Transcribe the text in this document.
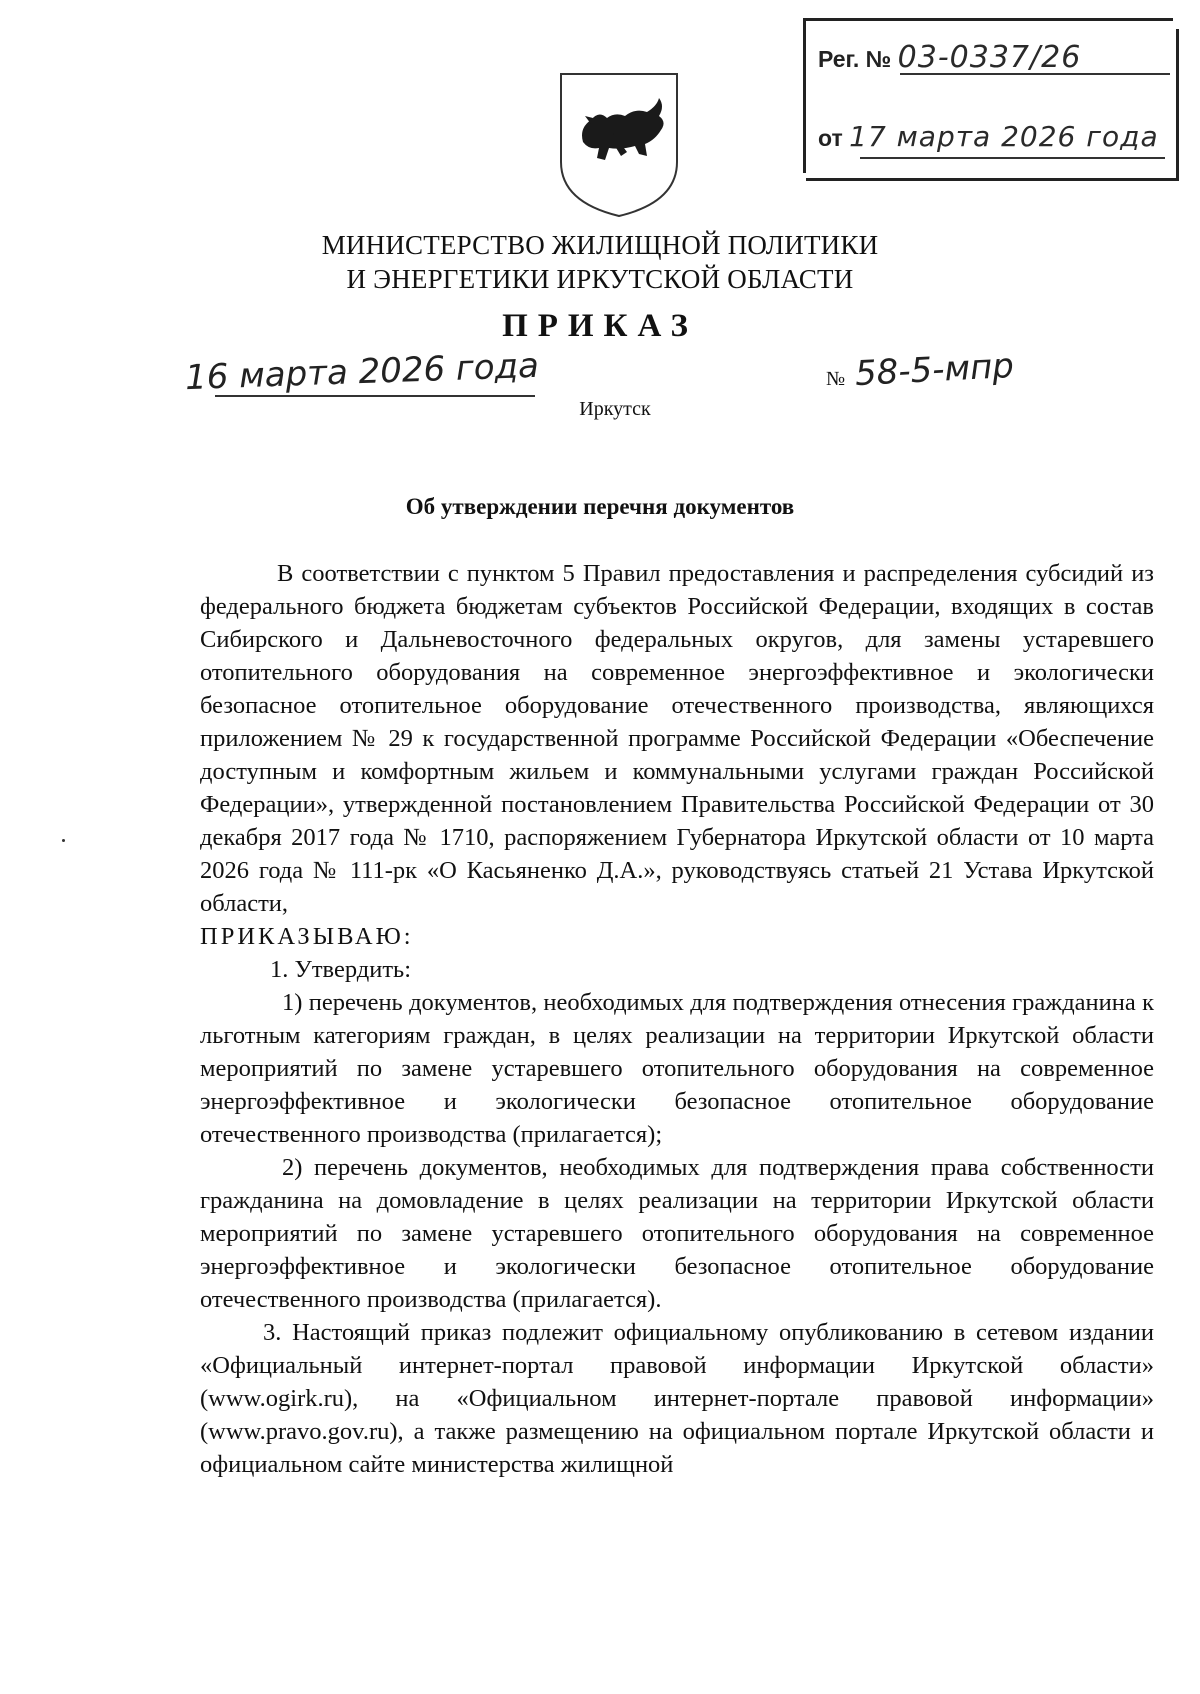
Рег. № 03-0337/26
от 17 марта 2026 года
МИНИСТЕРСТВО ЖИЛИЩНОЙ ПОЛИТИКИ
И ЭНЕРГЕТИКИ ИРКУТСКОЙ ОБЛАСТИ
ПРИКАЗ
16 марта 2026 года	№ 58-5-мпр
Иркутск
Об утверждении перечня документов

В соответствии с пунктом 5 Правил предоставления и распределения субсидий из федерального бюджета бюджетам субъектов Российской Федерации, входящих в состав Сибирского и Дальневосточного федеральных округов, для замены устаревшего отопительного оборудования на современное энергоэффективное и экологически безопасное отопительное оборудование отечественного производства, являющихся приложением № 29 к государственной программе Российской Федерации «Обеспечение доступным и комфортным жильем и коммунальными услугами граждан Российской Федерации», утвержденной постановлением Правительства Российской Федерации от 30 декабря 2017 года № 1710, распоряжением Губернатора Иркутской области от 10 марта 2026 года № 111-рк «О Касьяненко Д.А.», руководствуясь статьей 21 Устава Иркутской области,

ПРИКАЗЫВАЮ:

1. Утвердить:

1) перечень документов, необходимых для подтверждения отнесения гражданина к льготным категориям граждан, в целях реализации на территории Иркутской области мероприятий по замене устаревшего отопительного оборудования на современное энергоэффективное и экологически безопасное отопительное оборудование отечественного производства (прилагается);

2) перечень документов, необходимых для подтверждения права собственности гражданина на домовладение в целях реализации на территории Иркутской области мероприятий по замене устаревшего отопительного оборудования на современное энергоэффективное и экологически безопасное отопительное оборудование отечественного производства (прилагается).

3. Настоящий приказ подлежит официальному опубликованию в сетевом издании «Официальный интернет-портал правовой информации Иркутской области» (www.ogirk.ru), на «Официальном интернет-портале правовой информации» (www.pravo.gov.ru), а также размещению на официальном портале Иркутской области и официальном сайте министерства жилищной
